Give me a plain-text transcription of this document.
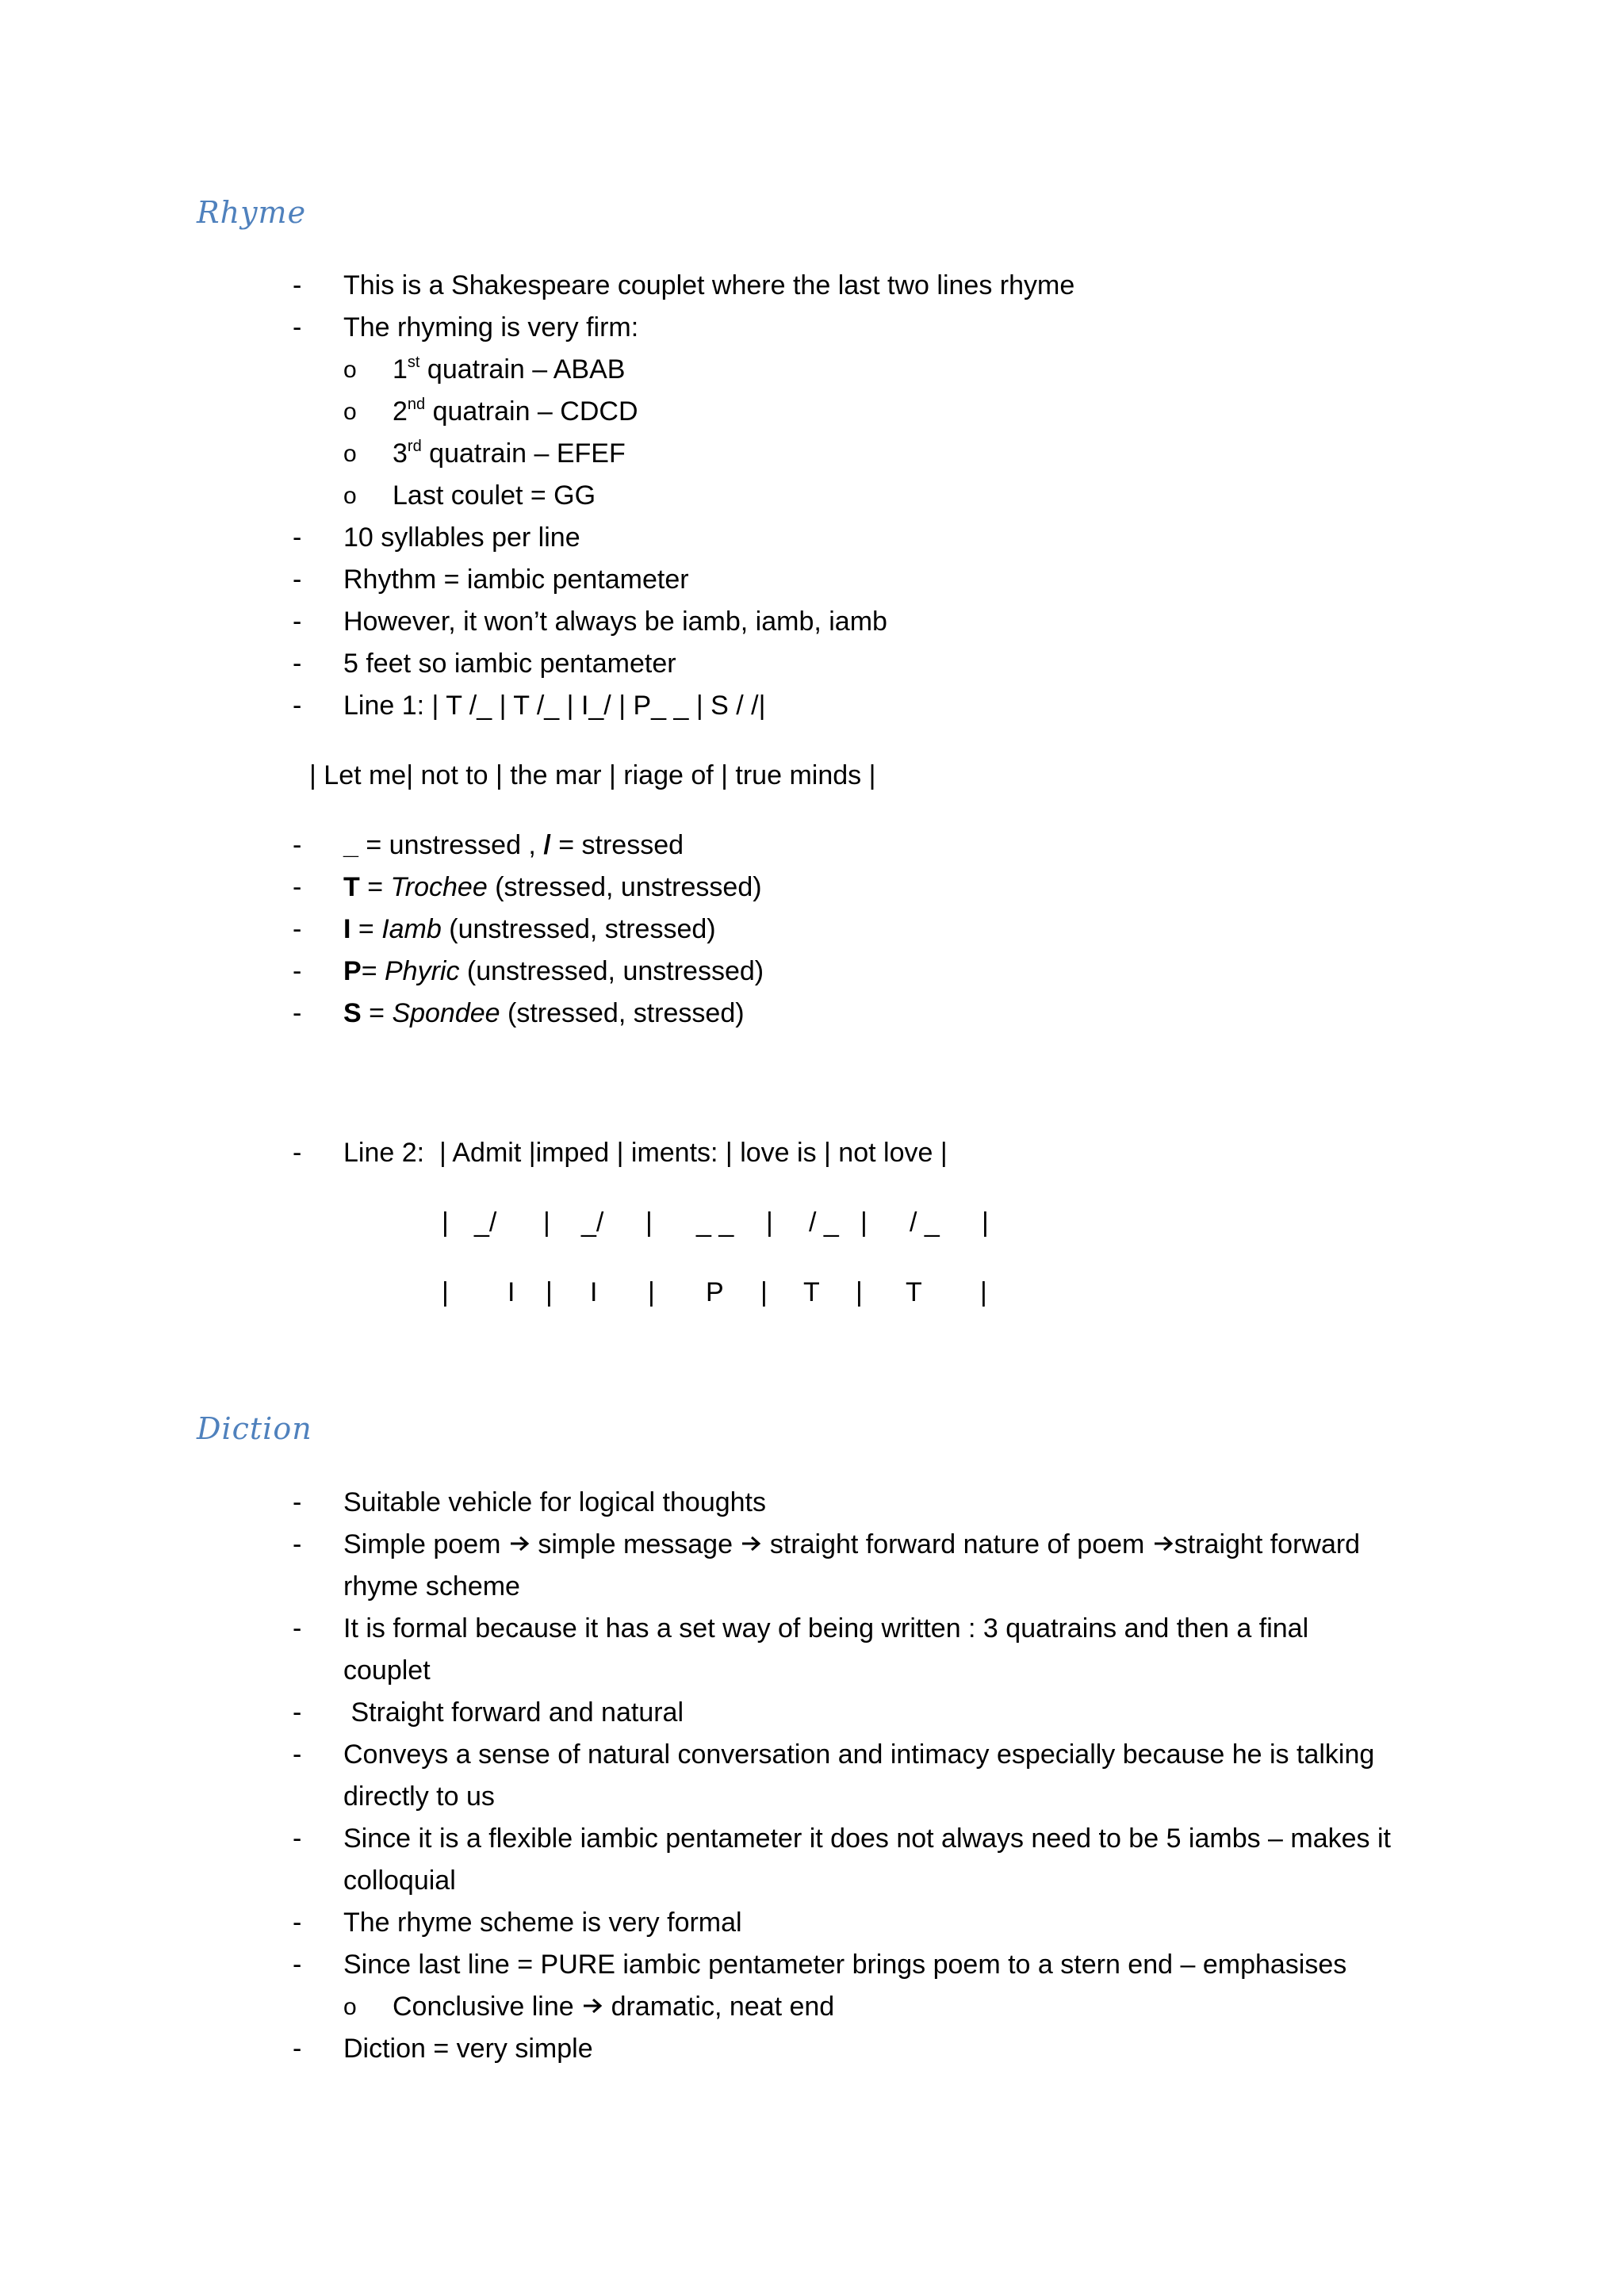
Rhyme
- This is a Shakespeare couplet where the last two lines rhyme
- The rhyming is very firm:
o 1st quatrain – ABAB
o 2nd quatrain – CDCD
o 3rd quatrain – EFEF
o Last coulet = GG
- 10 syllables per line
- Rhythm = iambic pentameter
- However, it won’t always be iamb, iamb, iamb
- 5 feet so iambic pentameter
- Line 1: | T /_ | T /_ | I_/ | P_ _ | S / /|
| Let me| not to | the mar | riage of | true minds |
- _ = unstressed , / = stressed
- T = Trochee (stressed, unstressed)
- I = Iamb (unstressed, stressed)
- P= Phyric (unstressed, unstressed)
- S = Spondee (stressed, stressed)
- Line 2:  | Admit |imped | iments: | love is | not love |
| _/ | _/ | _ _ | / _ | / _ |
| I | I | P | T | T |
Diction
- Suitable vehicle for logical thoughts
- Simple poem  simple message  straight forward nature of poem straight forward
rhyme scheme
- It is formal because it has a set way of being written : 3 quatrains and then a final
couplet
- Straight forward and natural
- Conveys a sense of natural conversation and intimacy especially because he is talking
directly to us
- Since it is a flexible iambic pentameter it does not always need to be 5 iambs – makes it
colloquial
- The rhyme scheme is very formal
- Since last line = PURE iambic pentameter brings poem to a stern end – emphasises
o Conclusive line  dramatic, neat end
- Diction = very simple
